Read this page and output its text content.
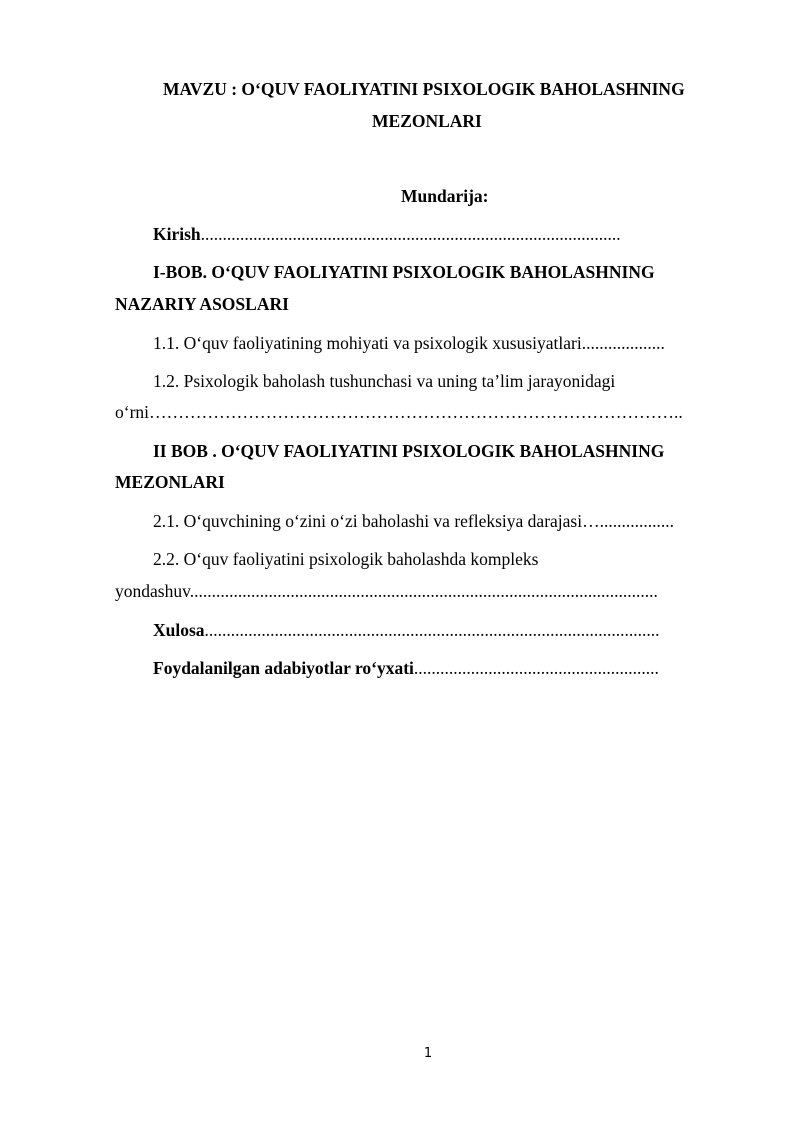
MAVZU : O‘QUV FAOLIYATINI PSIXOLOGIK BAHOLASHNING
MEZONLARI
Mundarija:
Kirish................................................................................................
I-BOB. O‘QUV FAOLIYATINI PSIXOLOGIK BAHOLASHNING
NAZARIY ASOSLARI
1.1. O‘quv faoliyatining mohiyati va psixologik xususiyatlari...................
1.2. Psixologik baholash tushunchasi va uning ta’lim jarayonidagi
o‘rni………………………………………………………………………………..
II BOB . O‘QUV FAOLIYATINI PSIXOLOGIK BAHOLASHNING
MEZONLARI
2.1. O‘quvchining o‘zini o‘zi baholashi va refleksiya darajasi….................
2.2. O‘quv faoliyatini psixologik baholashda kompleks
yondashuv...........................................................................................................
Xulosa........................................................................................................
Foydalanilgan adabiyotlar ro‘yxati........................................................
1
